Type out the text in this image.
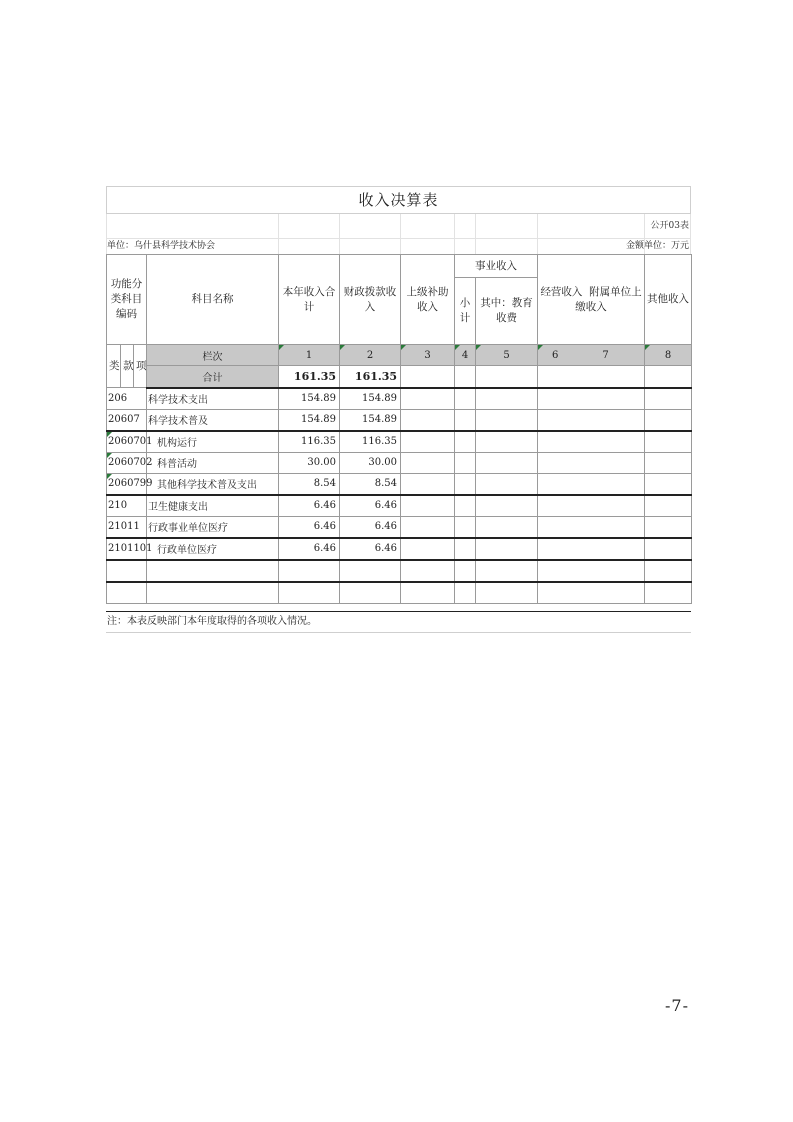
收入决算表
公开03表
单位：乌什县科学技术协会	金额单位：万元
功能分类科目编码			科目名称	本年收入合计	财政拨款收入	上级补助收入	事业收入		经营收入 附属单位上缴收入	其他收入
							小计	其中：教育收费		
类	款	项	栏次	1	2	3	4	5	6 7	8
			合计	161.35	161.35					
206			科学技术支出	154.89	154.89					
20607			科学技术普及	154.89	154.89					

2060701			机构运行	116.35	116.35					

2060702			科普活动	30.00	30.00					

2060799			其他科学技术普及支出	8.54	8.54					
210			卫生健康支出	6.46	6.46					
21011			行政事业单位医疗	6.46	6.46					
2101101			行政单位医疗	6.46	6.46					

注：本表反映部门本年度取得的各项收入情况。
-7-
